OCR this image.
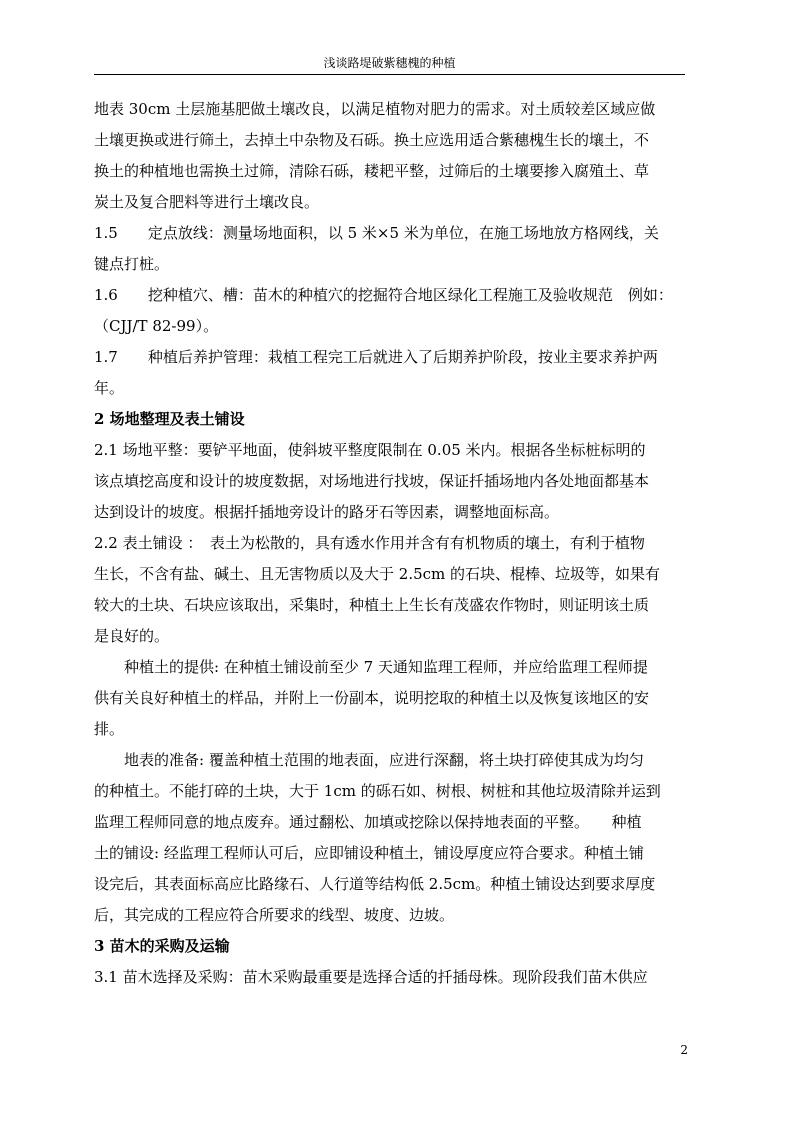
浅谈路堤破紫穗槐的种植
地表 30cm 土层施基肥做土壤改良，以满足植物对肥力的需求。对土质较差区域应做
土壤更换或进行筛土，去掉土中杂物及石砾。换土应选用适合紫穗槐生长的壤土，不
换土的种植地也需换土过筛，清除石砾，耧耙平整，过筛后的土壤要掺入腐殖土、草
炭土及复合肥料等进行土壤改良。
1.5　　定点放线：测量场地面积，以 5 米×5 米为单位，在施工场地放方格网线，关
键点打桩。
1.6　　挖种植穴、槽：苗木的种植穴的挖掘符合地区绿化工程施工及验收规范　例如：
（CJJ/T 82-99）。
1.7　　种植后养护管理：栽植工程完工后就进入了后期养护阶段，按业主要求养护两
年。
2 场地整理及表土铺设
2.1 场地平整：要铲平地面，使斜坡平整度限制在 0.05 米内。根据各坐标桩标明的
该点填挖高度和设计的坡度数据，对场地进行找坡，保证扦插场地内各处地面都基本
达到设计的坡度。根据扦插地旁设计的路牙石等因素，调整地面标高。
2.2 表土铺设 ：　表土为松散的，具有透水作用并含有有机物质的壤土，有利于植物
生长，不含有盐、碱土、且无害物质以及大于 2.5cm 的石块、棍棒、垃圾等，如果有
较大的土块、石块应该取出，采集时，种植土上生长有茂盛农作物时，则证明该土质
是良好的。
种植土的提供: 在种植土铺设前至少 7 天通知监理工程师，并应给监理工程师提
供有关良好种植土的样品，并附上一份副本，说明挖取的种植土以及恢复该地区的安
排。
地表的准备: 覆盖种植土范围的地表面，应进行深翻，将土块打碎使其成为均匀
的种植土。不能打碎的土块，大于 1cm 的砾石如、树根、树桩和其他垃圾清除并运到
监理工程师同意的地点废弃。通过翻松、加填或挖除以保持地表面的平整。　　种植
土的铺设: 经监理工程师认可后，应即铺设种植土，铺设厚度应符合要求。种植土铺
设完后，其表面标高应比路缘石、人行道等结构低 2.5cm。种植土铺设达到要求厚度
后，其完成的工程应符合所要求的线型、坡度、边坡。
3 苗木的采购及运输
3.1 苗木选择及采购：苗木采购最重要是选择合适的扦插母株。现阶段我们苗木供应
2
